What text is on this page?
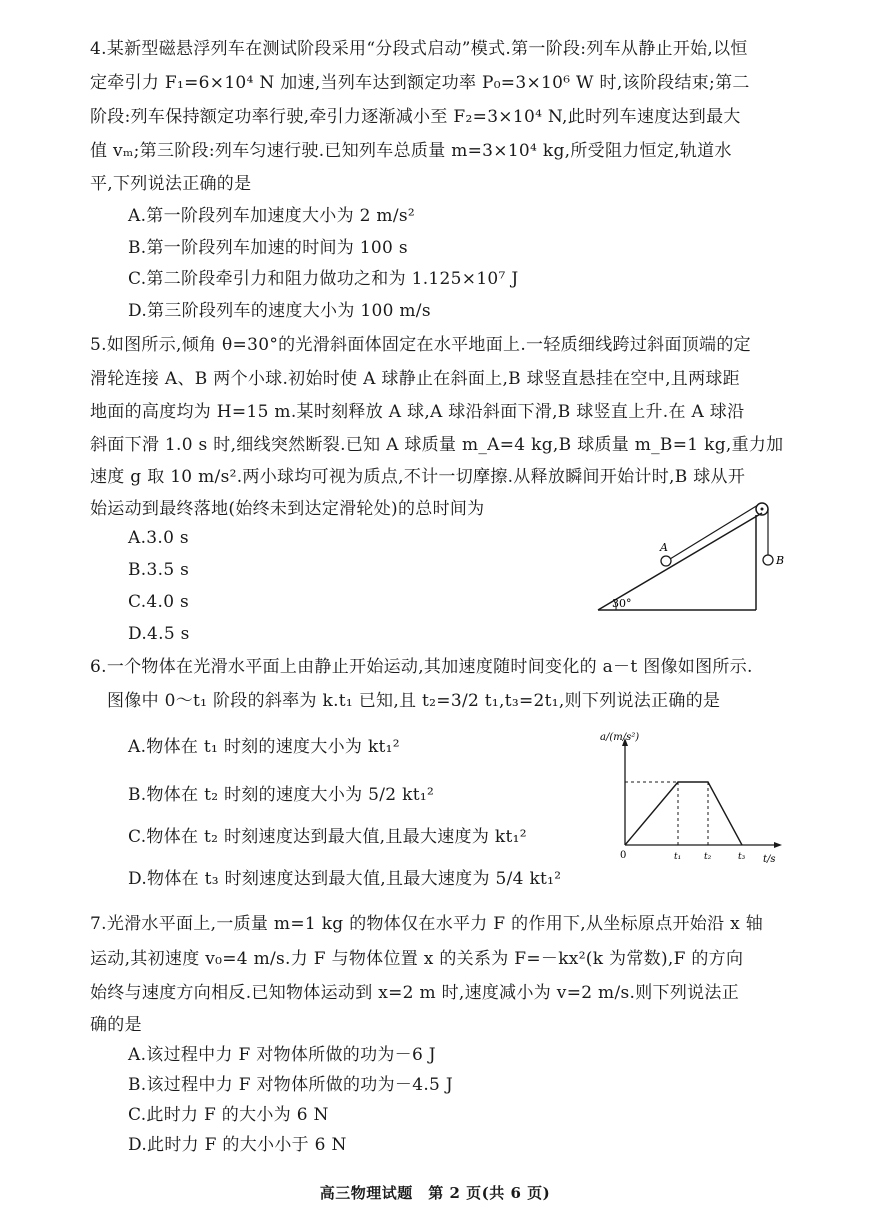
4.某新型磁悬浮列车在测试阶段采用“分段式启动”模式.第一阶段:列车从静止开始,以恒
定牵引力 F₁=6×10⁴ N 加速,当列车达到额定功率 P₀=3×10⁶ W 时,该阶段结束;第二
阶段:列车保持额定功率行驶,牵引力逐渐减小至 F₂=3×10⁴ N,此时列车速度达到最大
值 vₘ;第三阶段:列车匀速行驶.已知列车总质量 m=3×10⁴ kg,所受阻力恒定,轨道水
平,下列说法正确的是
A.第一阶段列车加速度大小为 2 m/s²
B.第一阶段列车加速的时间为 100 s
C.第二阶段牵引力和阻力做功之和为 1.125×10⁷ J
D.第三阶段列车的速度大小为 100 m/s
5.如图所示,倾角 θ=30°的光滑斜面体固定在水平地面上.一轻质细线跨过斜面顶端的定
滑轮连接 A、B 两个小球.初始时使 A 球静止在斜面上,B 球竖直悬挂在空中,且两球距
地面的高度均为 H=15 m.某时刻释放 A 球,A 球沿斜面下滑,B 球竖直上升.在 A 球沿
斜面下滑 1.0 s 时,细线突然断裂.已知 A 球质量 m_A=4 kg,B 球质量 m_B=1 kg,重力加
速度 g 取 10 m/s².两小球均可视为质点,不计一切摩擦.从释放瞬间开始计时,B 球从开
始运动到最终落地(始终未到达定滑轮处)的总时间为
A.3.0 s
B.3.5 s
C.4.0 s
D.4.5 s
A
B
30°
6.一个物体在光滑水平面上由静止开始运动,其加速度随时间变化的 a－t 图像如图所示.
图像中 0～t₁ 阶段的斜率为 k.t₁ 已知,且 t₂=3/2 t₁,t₃=2t₁,则下列说法正确的是
A.物体在 t₁ 时刻的速度大小为 kt₁²
B.物体在 t₂ 时刻的速度大小为 5/2 kt₁²
C.物体在 t₂ 时刻速度达到最大值,且最大速度为 kt₁²
D.物体在 t₃ 时刻速度达到最大值,且最大速度为 5/4 kt₁²
a/(m/s²)
t/s
0	t₁	t₂	t₃
7.光滑水平面上,一质量 m=1 kg 的物体仅在水平力 F 的作用下,从坐标原点开始沿 x 轴
运动,其初速度 v₀=4 m/s.力 F 与物体位置 x 的关系为 F=－kx²(k 为常数),F 的方向
始终与速度方向相反.已知物体运动到 x=2 m 时,速度减小为 v=2 m/s.则下列说法正
确的是
A.该过程中力 F 对物体所做的功为－6 J
B.该过程中力 F 对物体所做的功为－4.5 J
C.此时力 F 的大小为 6 N
D.此时力 F 的大小小于 6 N
高三物理试题　第 2 页(共 6 页)
